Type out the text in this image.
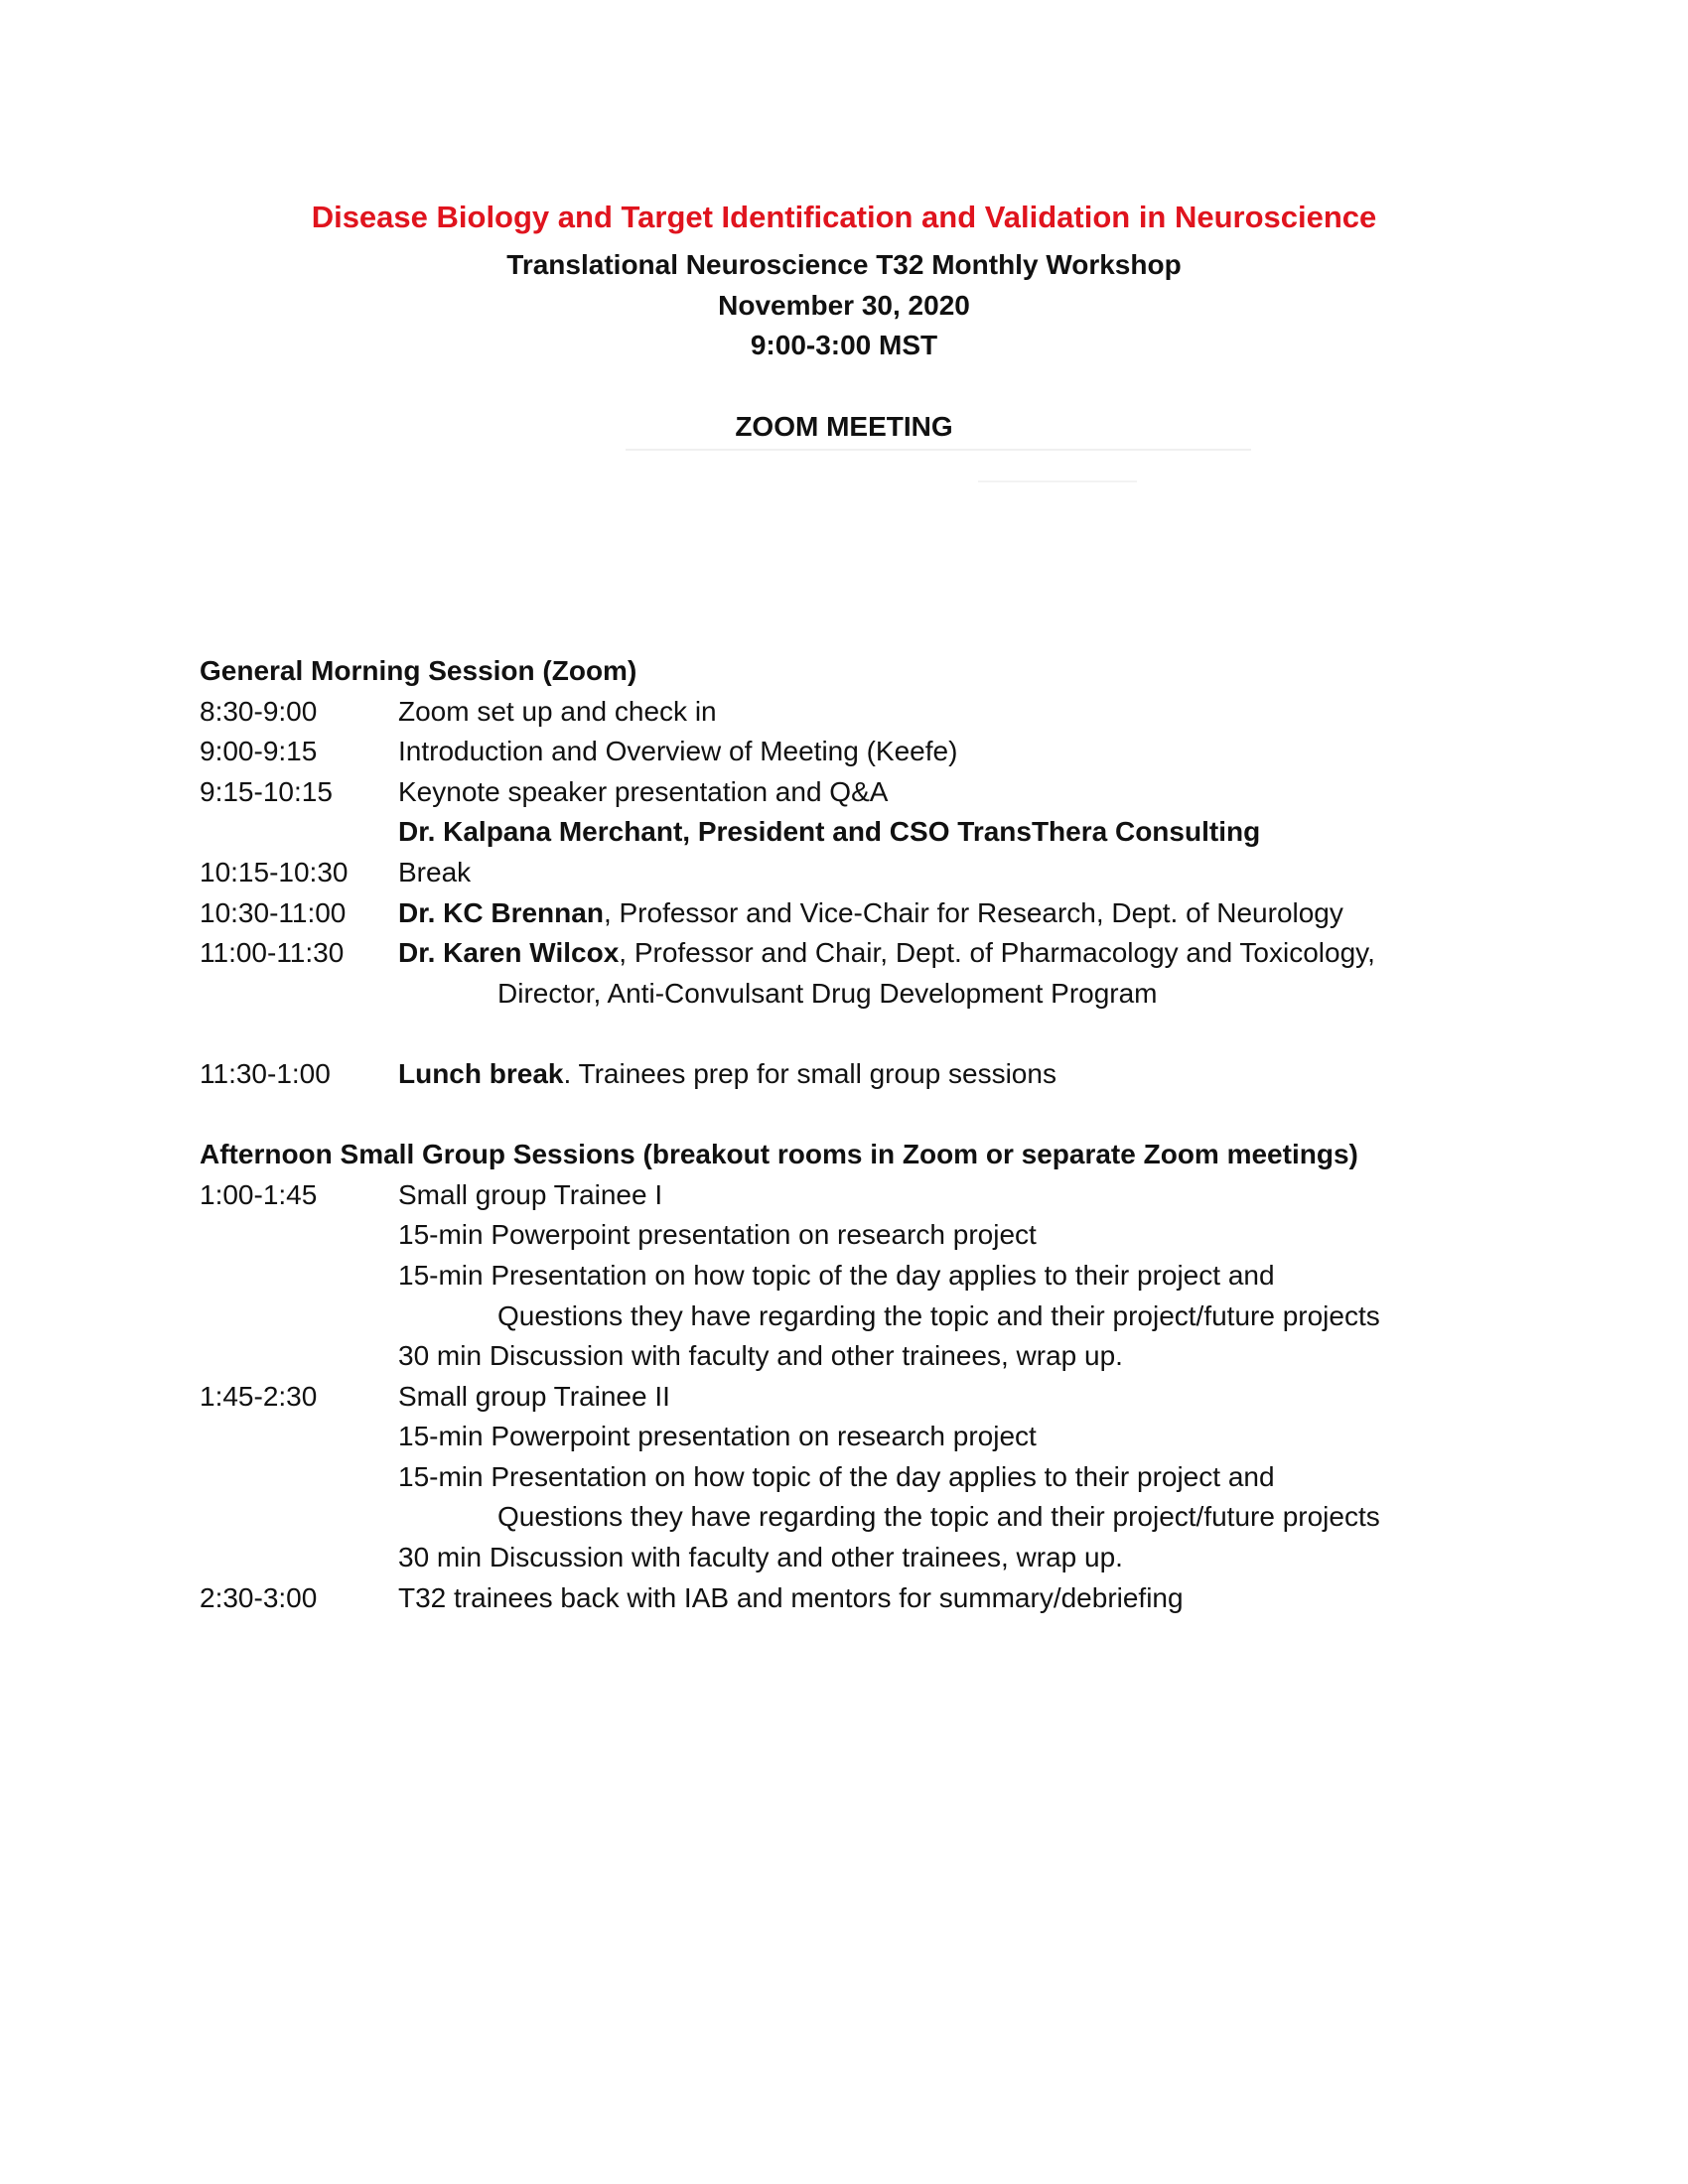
Disease Biology and Target Identification and Validation in Neuroscience
Translational Neuroscience T32 Monthly Workshop
November 30, 2020
9:00-3:00 MST
ZOOM MEETING
General Morning Session (Zoom)
8:30-9:00	Zoom set up and check in
9:00-9:15	Introduction and Overview of Meeting (Keefe)
9:15-10:15 Keynote speaker presentation and Q&A
Dr. Kalpana Merchant, President and CSO TransThera Consulting
10:15-10:30 Break
10:30-11:00 Dr. KC Brennan, Professor and Vice-Chair for Research, Dept. of Neurology
11:00-11:30 Dr. Karen Wilcox, Professor and Chair, Dept. of Pharmacology and Toxicology,
Director, Anti-Convulsant Drug Development Program
11:30-1:00 Lunch break. Trainees prep for small group sessions
Afternoon Small Group Sessions (breakout rooms in Zoom or separate Zoom meetings)
1:00-1:45	Small group Trainee I
15-min Powerpoint presentation on research project
15-min Presentation on how topic of the day applies to their project and
Questions they have regarding the topic and their project/future projects
30 min Discussion with faculty and other trainees, wrap up.
1:45-2:30	Small group Trainee II
15-min Powerpoint presentation on research project
15-min Presentation on how topic of the day applies to their project and
Questions they have regarding the topic and their project/future projects
30 min Discussion with faculty and other trainees, wrap up.
2:30-3:00	T32 trainees back with IAB and mentors for summary/debriefing
